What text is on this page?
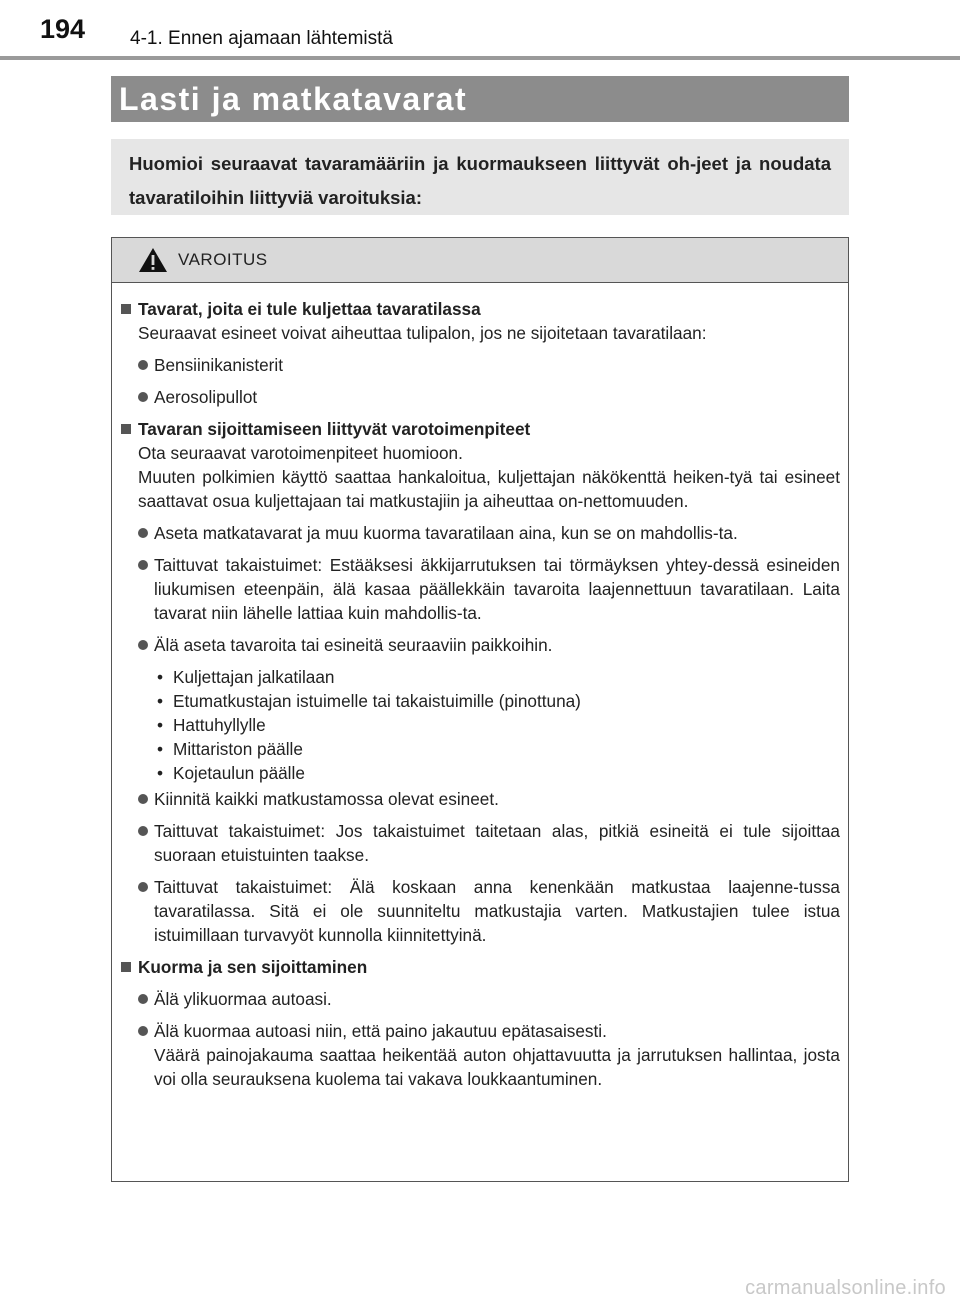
194 4-1. Ennen ajamaan lähtemistä
Lasti ja matkatavarat
Huomioi seuraavat tavaramääriin ja kuormaukseen liittyvät oh-jeet ja noudata tavaratiloihin liittyviä varoituksia:
VAROITUS
Tavarat, joita ei tule kuljettaa tavaratilassa
Seuraavat esineet voivat aiheuttaa tulipalon, jos ne sijoitetaan tavaratilaan:
Bensiinikanisterit
Aerosolipullot
Tavaran sijoittamiseen liittyvät varotoimenpiteet
Ota seuraavat varotoimenpiteet huomioon.
Muuten polkimien käyttö saattaa hankaloitua, kuljettajan näkökenttä heiken-tyä tai esineet saattavat osua kuljettajaan tai matkustajiin ja aiheuttaa on-nettomuuden.
Aseta matkatavarat ja muu kuorma tavaratilaan aina, kun se on mahdollis-ta.
Taittuvat takaistuimet: Estääksesi äkkijarrutuksen tai törmäyksen yhtey-dessä esineiden liukumisen eteenpäin, älä kasaa päällekkäin tavaroita laajennettuun tavaratilaan. Laita tavarat niin lähelle lattiaa kuin mahdollis-ta.
Älä aseta tavaroita tai esineitä seuraaviin paikkoihin.
• Kuljettajan jalkatilaan
• Etumatkustajan istuimelle tai takaistuimille (pinottuna)
• Hattuhyllylle
• Mittariston päälle
• Kojetaulun päälle
Kiinnitä kaikki matkustamossa olevat esineet.
Taittuvat takaistuimet: Jos takaistuimet taitetaan alas, pitkiä esineitä ei tule sijoittaa suoraan etuistuinten taakse.
Taittuvat takaistuimet: Älä koskaan anna kenenkään matkustaa laajenne-tussa tavaratilassa. Sitä ei ole suunniteltu matkustajia varten. Matkustajien tulee istua istuimillaan turvavyöt kunnolla kiinnitettyinä.
Kuorma ja sen sijoittaminen
Älä ylikuormaa autoasi.
Älä kuormaa autoasi niin, että paino jakautuu epätasaisesti.
Väärä painojakauma saattaa heikentää auton ohjattavuutta ja jarrutuksen hallintaa, josta voi olla seurauksena kuolema tai vakava loukkaantuminen.
carmanualsonline.info
